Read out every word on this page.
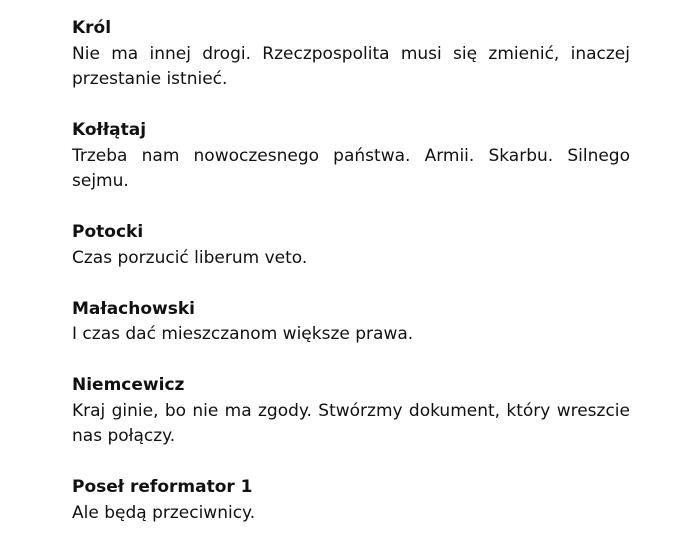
Król
Nie ma innej drogi. Rzeczpospolita musi się zmienić, inaczej przestanie istnieć.
Kołłątaj
Trzeba nam nowoczesnego państwa. Armii. Skarbu. Silnego sejmu.
Potocki
Czas porzucić liberum veto.
Małachowski
I czas dać mieszczanom większe prawa.
Niemcewicz
Kraj ginie, bo nie ma zgody. Stwórzmy dokument, który wreszcie nas połączy.
Poseł reformator 1
Ale będą przeciwnicy.
